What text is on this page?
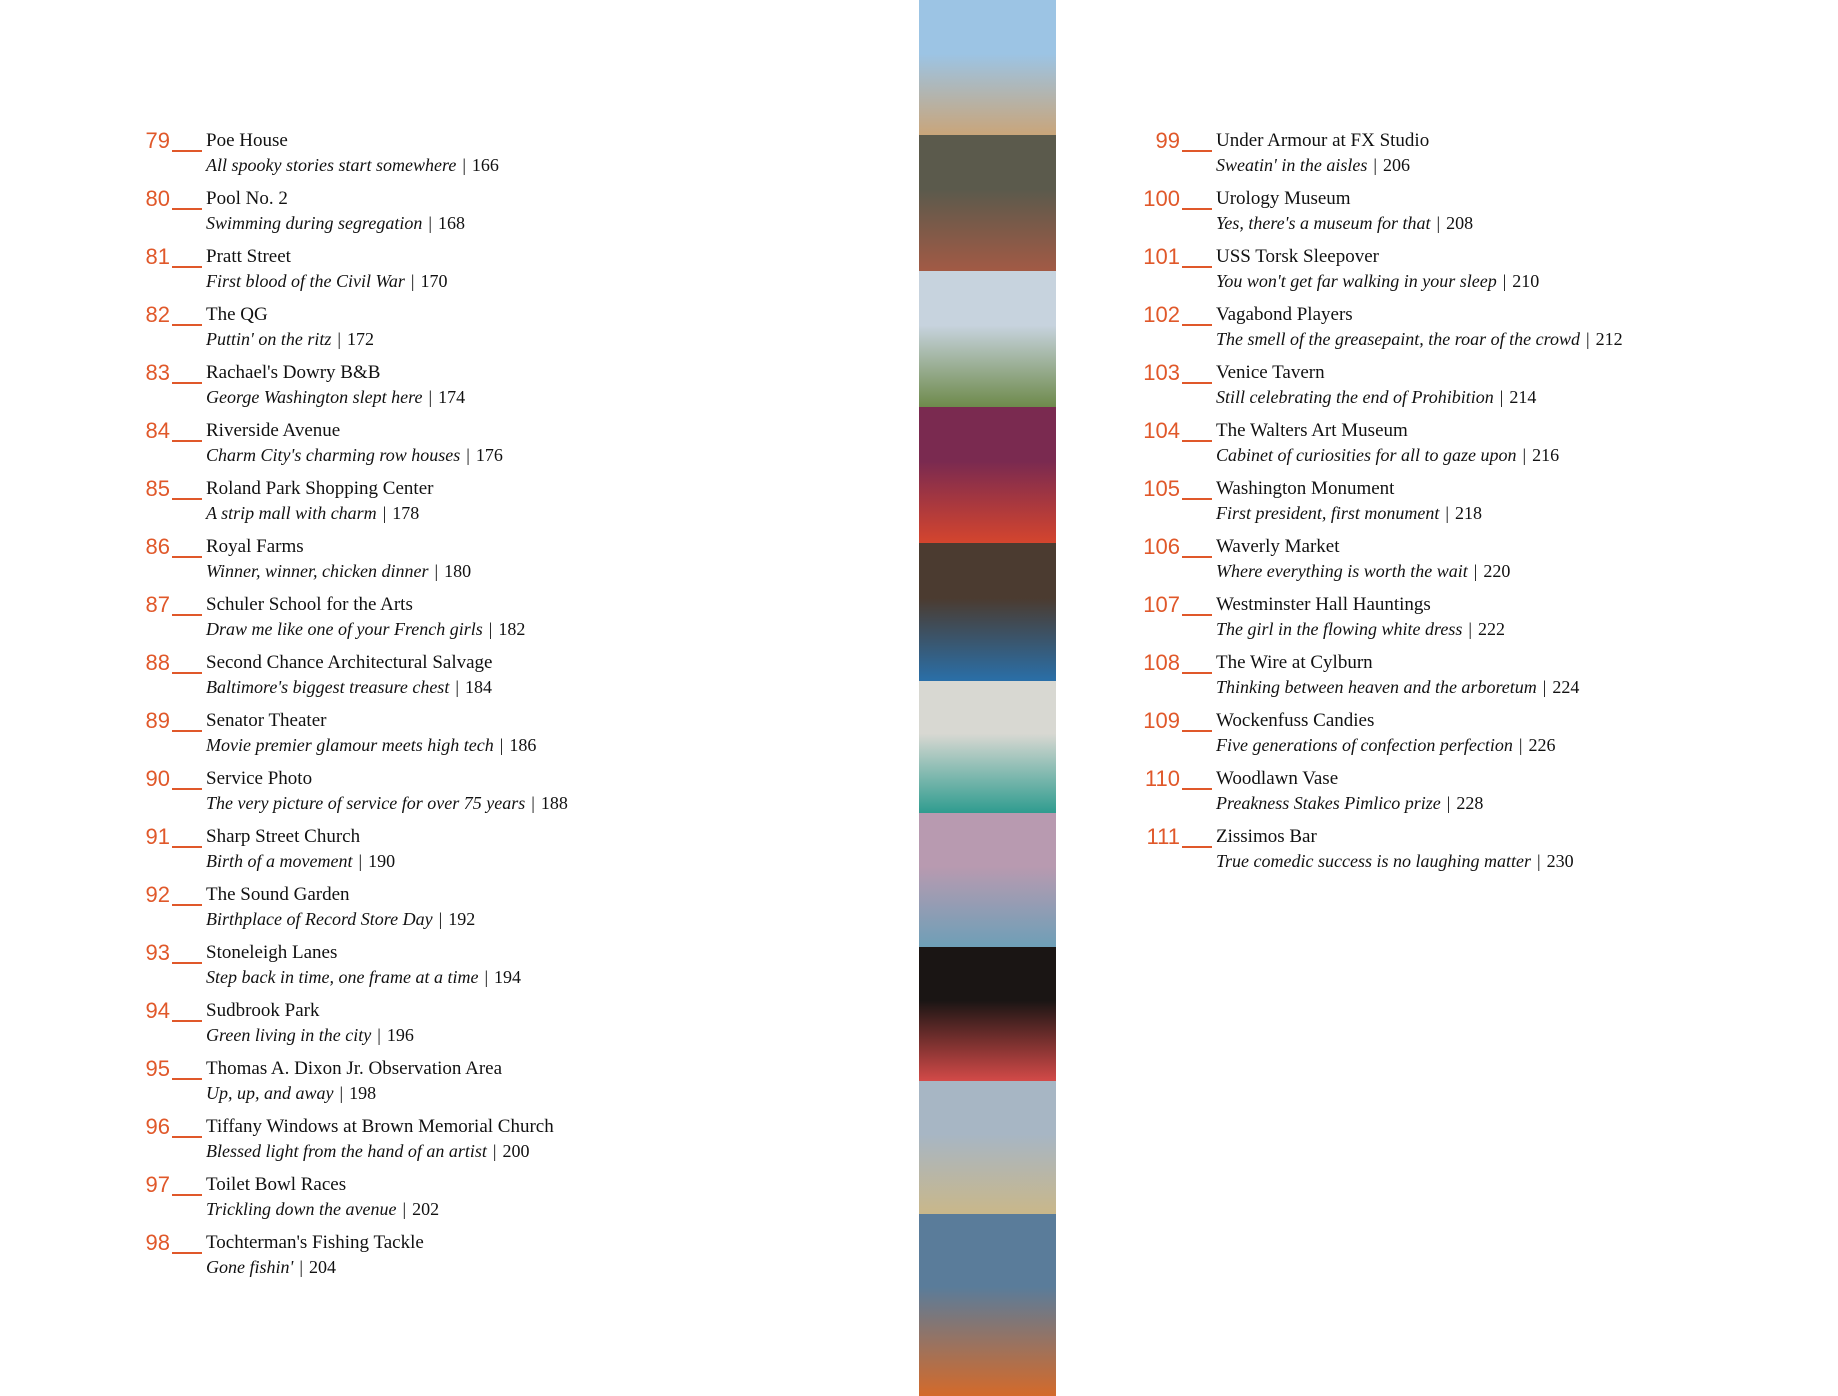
79 Poe House
All spooky stories start somewhere | 166
80 Pool No. 2
Swimming during segregation | 168
81 Pratt Street
First blood of the Civil War | 170
82 The QG
Puttin' on the ritz | 172
83 Rachael's Dowry B&B
George Washington slept here | 174
84 Riverside Avenue
Charm City's charming row houses | 176
85 Roland Park Shopping Center
A strip mall with charm | 178
86 Royal Farms
Winner, winner, chicken dinner | 180
87 Schuler School for the Arts
Draw me like one of your French girls | 182
88 Second Chance Architectural Salvage
Baltimore's biggest treasure chest | 184
89 Senator Theater
Movie premier glamour meets high tech | 186
90 Service Photo
The very picture of service for over 75 years | 188
91 Sharp Street Church
Birth of a movement | 190
92 The Sound Garden
Birthplace of Record Store Day | 192
93 Stoneleigh Lanes
Step back in time, one frame at a time | 194
94 Sudbrook Park
Green living in the city | 196
95 Thomas A. Dixon Jr. Observation Area
Up, up, and away | 198
96 Tiffany Windows at Brown Memorial Church
Blessed light from the hand of an artist | 200
97 Toilet Bowl Races
Trickling down the avenue | 202
98 Tochterman's Fishing Tackle
Gone fishin' | 204
99 Under Armour at FX Studio
Sweatin' in the aisles | 206
100 Urology Museum
Yes, there's a museum for that | 208
101 USS Torsk Sleepover
You won't get far walking in your sleep | 210
102 Vagabond Players
The smell of the greasepaint, the roar of the crowd | 212
103 Venice Tavern
Still celebrating the end of Prohibition | 214
104 The Walters Art Museum
Cabinet of curiosities for all to gaze upon | 216
105 Washington Monument
First president, first monument | 218
106 Waverly Market
Where everything is worth the wait | 220
107 Westminster Hall Hauntings
The girl in the flowing white dress | 222
108 The Wire at Cylburn
Thinking between heaven and the arboretum | 224
109 Wockenfuss Candies
Five generations of confection perfection | 226
110 Woodlawn Vase
Preakness Stakes Pimlico prize | 228
111 Zissimos Bar
True comedic success is no laughing matter | 230
